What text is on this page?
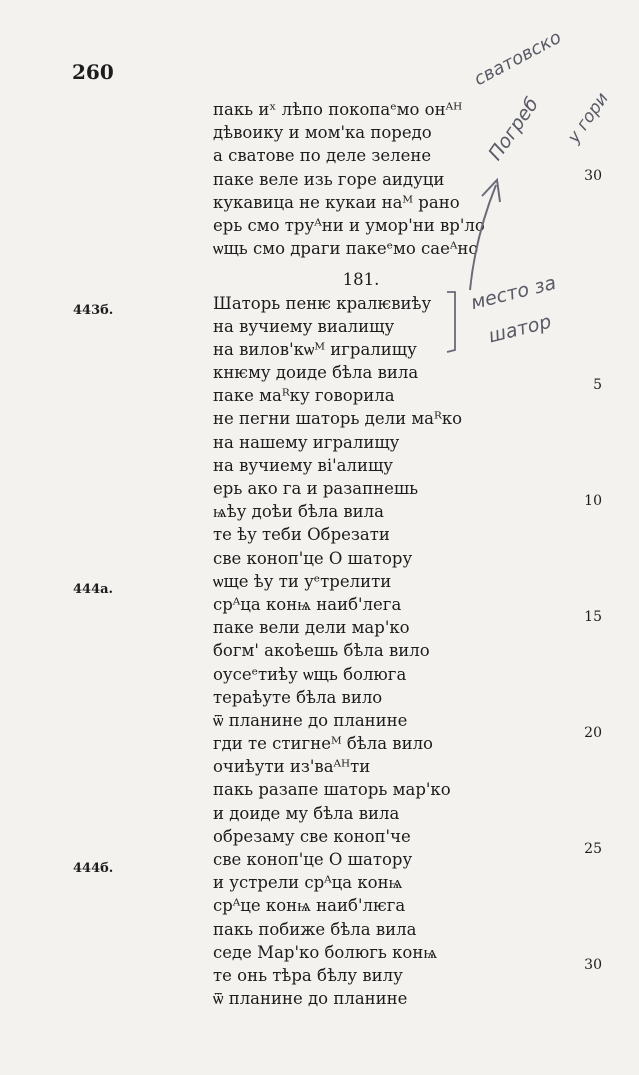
260
пакь иˣ лѣпо покопаᵉмо онᴬᴴ
дѣвоику и мом'ка поредо
а сватове по деле зелене
паке веле изь горе аидуци
кукавица не кукаи наᴹ рано
ерь смо труᴬни и умор'ни вр'ло
ѡщь смо драги пакеᵉмо саеᴬно
181.
Шаторь пенѥ кралѥвиѣу
на вучиему виалищу
на вилов'кѡᴹ игралищу
кнѥму доиде бѣла вила
паке маᴿку говорила
не пегни шаторь дели маᴿко
на нашему игралищу
на вучиему ві'алищу
ерь ако га и разапнешь
ѩѣу доѣи бѣла вила
те ѣу теби Обрезати
све коноп'це О шатору
ѡще ѣу ти уᵉтрелити
срᴬца конѩ наиб'лега
паке вели дели мар'ко
богм' акоѣешь бѣла вило
оусеᵉтиѣу ѡщь болюга
тераѣуте бѣла вило
ѿ планине до планине
гди те стигнеᴹ бѣла вило
очиѣути из'ваᴬᴴти
пакь разапе шаторь мар'ко
и доиде му бѣла вила
обрезаму све коноп'че
све коноп'це О шатору
и устрели срᴬца конѩ
срᴬце конѩ наиб'лѥга
пакь побиже бѣла вила
седе Мар'ко болюгь конѩ
те онь тѣра бѣлу вилу
ѿ планине до планине
443б.
444а.
444б.
30
5
10
15
20
25
30
сватовско
Погреб у гори
место за
шатор
